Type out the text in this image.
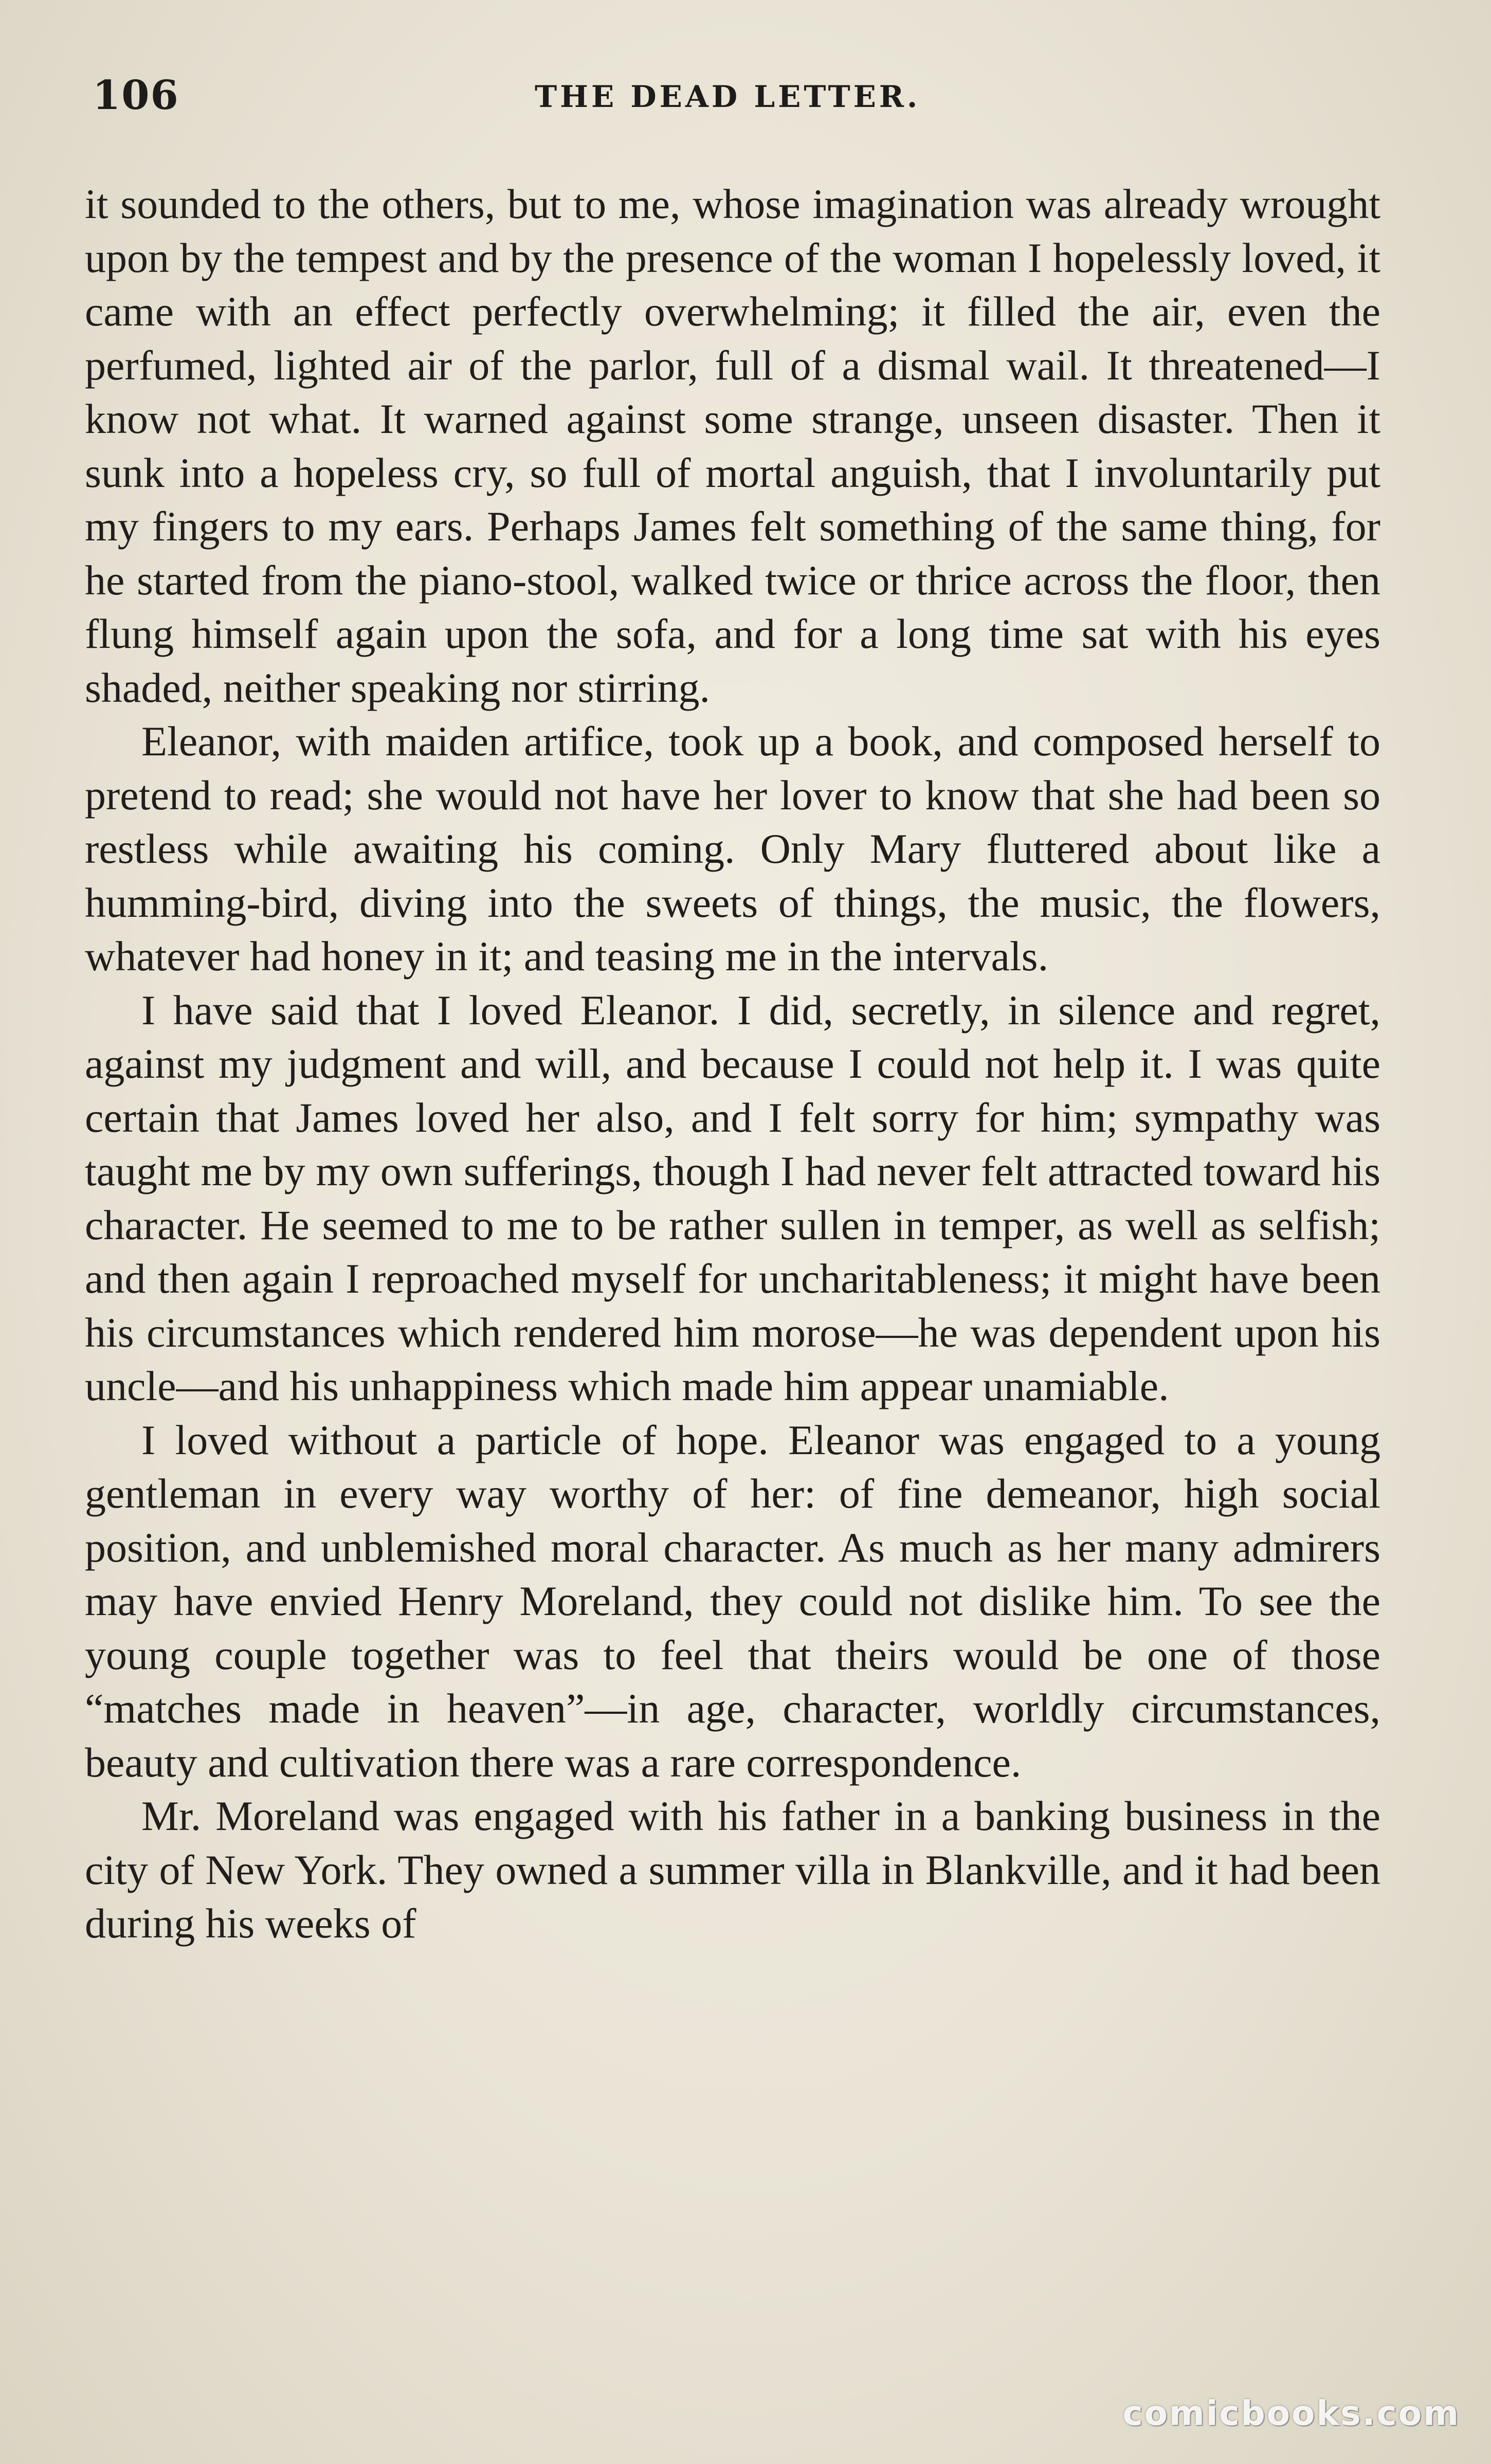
106	THE DEAD LETTER.

it sounded to the others, but to me, whose imagination was already wrought upon by the tempest and by the presence of the woman I hopelessly loved, it came with an effect perfectly overwhelming; it filled the air, even the perfumed, lighted air of the parlor, full of a dismal wail. It threatened—I know not what. It warned against some strange, unseen disaster. Then it sunk into a hopeless cry, so full of mortal anguish, that I involuntarily put my fingers to my ears. Perhaps James felt something of the same thing, for he started from the piano-stool, walked twice or thrice across the floor, then flung himself again upon the sofa, and for a long time sat with his eyes shaded, neither speaking nor stirring.

Eleanor, with maiden artifice, took up a book, and composed herself to pretend to read; she would not have her lover to know that she had been so restless while awaiting his coming. Only Mary fluttered about like a humming-bird, diving into the sweets of things, the music, the flowers, whatever had honey in it; and teasing me in the intervals.

I have said that I loved Eleanor. I did, secretly, in silence and regret, against my judgment and will, and because I could not help it. I was quite certain that James loved her also, and I felt sorry for him; sympathy was taught me by my own sufferings, though I had never felt attracted toward his character. He seemed to me to be rather sullen in temper, as well as selfish; and then again I reproached myself for uncharitableness; it might have been his circumstances which rendered him morose—he was dependent upon his uncle—and his unhappiness which made him appear unamiable.

I loved without a particle of hope. Eleanor was engaged to a young gentleman in every way worthy of her: of fine demeanor, high social position, and unblemished moral character. As much as her many admirers may have envied Henry Moreland, they could not dislike him. To see the young couple together was to feel that theirs would be one of those “matches made in heaven”—in age, character, worldly circumstances, beauty and cultivation there was a rare correspondence.

Mr. Moreland was engaged with his father in a banking business in the city of New York. They owned a summer villa in Blankville, and it had been during his weeks of

comicbooks.com
